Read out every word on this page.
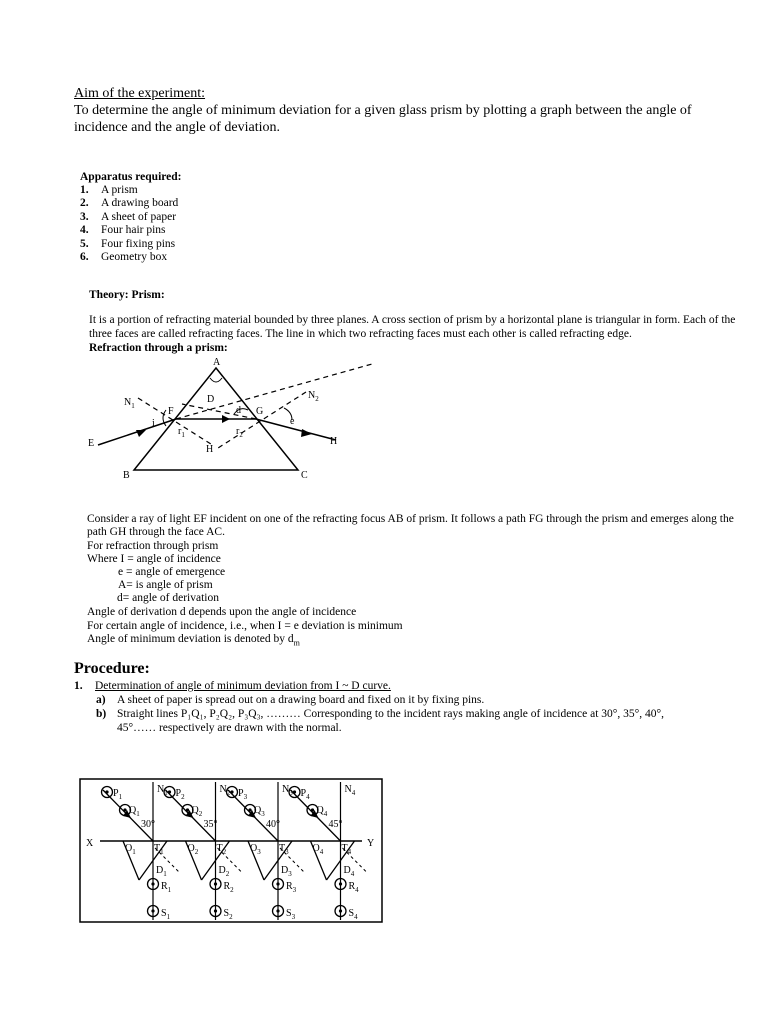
Aim of the experiment:
To determine the angle of minimum deviation for a given glass prism by plotting a graph between the angle of incidence and the angle of deviation.
Apparatus required:
1.	A prism
2.	A drawing board
3.	A sheet of paper
4.	Four hair pins
5.	Four fixing pins
6.	Geometry box
Theory: Prism:
It is a portion of refracting material bounded by three planes. A cross section of prism by a horizontal plane is triangular in form. Each of the three faces are called refracting faces. The line in which two refracting faces must each other is called refracting edge.
Refraction through a prism:
A
B	C
D
E
F	G
H
H
$N_1$
$N_2$
i	e
d
$r_1$	$r_2$
Consider a ray of light EF incident on one of the refracting focus AB of prism. It follows a path FG through the prism and emerges along the path GH through the face AC.
For refraction through prism
Where I = angle of incidence
e = angle of emergence
A= is angle of prism
d= angle of derivation
Angle of derivation d depends upon the angle of incidence
For certain angle of incidence, i.e., when I = e deviation is minimum
Angle of minimum deviation is denoted by $d_m$
Procedure:
1. Determination of angle of minimum deviation from I ~ D curve.
a) A sheet of paper is spread out on a drawing board and fixed on it by fixing pins.
b) Straight lines P₁Q₁, P₂Q₂, P₃Q₃, ……… Corresponding to the incident rays making angle of incidence at 30°, 35°, 40°,
45°…… respectively are drawn with the normal.
X	Y
$P_1$
$Q_1$
$N_1$
$O_1$ $T_1$
$D_1$
$R_1$
$S_1$
30°
$P_2$
$Q_2$
$N_2$
$O_2$ $T_2$
$D_2$
$R_2$
$S_2$
35°
$P_3$
$Q_3$
$N_3$
$O_3$ $T_3$
$D_3$
$R_3$
$S_3$
40°
$P_4$
$Q_4$
$N_4$
$O_4$ $T_4$
$D_4$
$R_4$
$S_4$
45°
